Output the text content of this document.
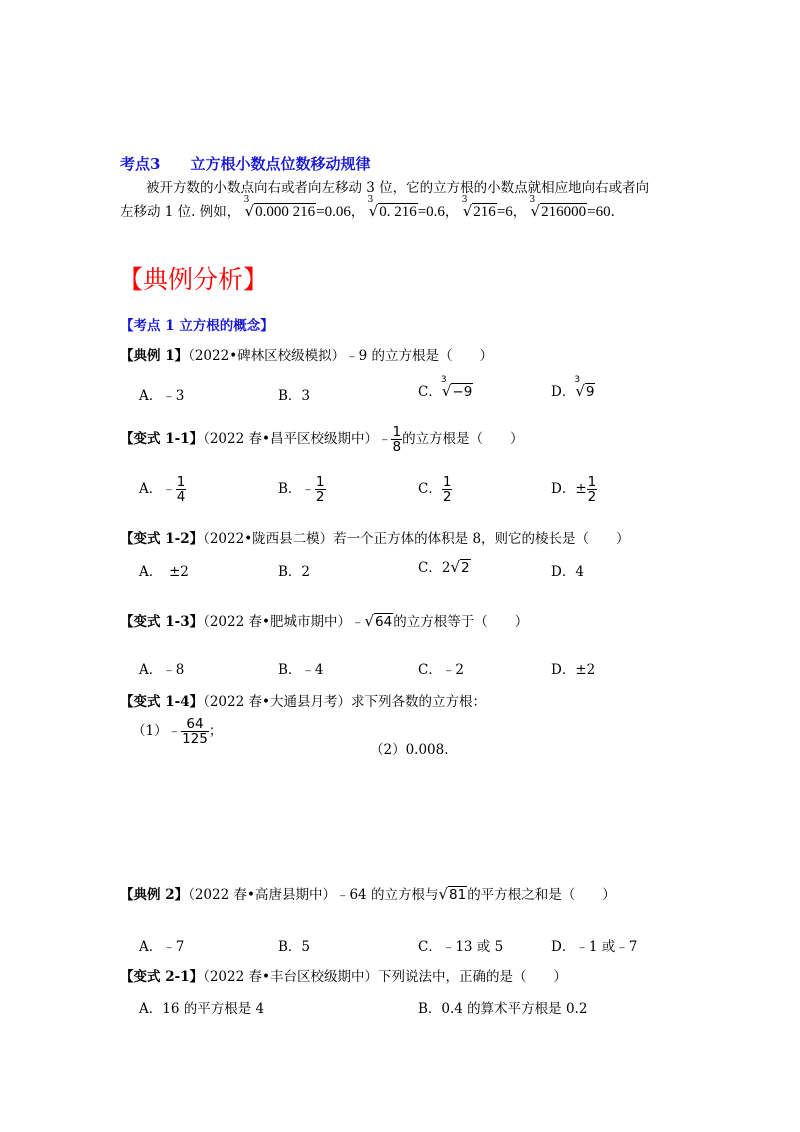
考点3　　立方根小数点位数移动规律
被开方数的小数点向右或者向左移动 3 位，它的立方根的小数点就相应地向右或者向
左移动 1 位. 例如，
3
√0.000 216=0.06，
3
√0. 216=0.6，
3
√216=6，
3
√216000=60.
【典例分析】
【考点 1 立方根的概念】
【典例 1】（2022•碑林区校级模拟）﹣9 的立方根是（　　）
A．﹣3	B．3	C．
3
√−9	D．
3
√9
【变式 1-1】（2022 春•昌平区校级期中）﹣ $\frac{1}{8}$ 的立方根是（　　）
A．﹣ $\frac{1}{4}$	B．﹣ $\frac{1}{2}$	C． $\frac{1}{2}$	D．± $\frac{1}{2}$
【变式 1-2】（2022•陇西县二模）若一个正方体的体积是 8，则它的棱长是（　　）
A．　±2	B．2	C．2√2	D．4
【变式 1-3】（2022 春•肥城市期中）﹣√64的立方根等于（　　）
A．﹣8	B．﹣4	C．﹣2	D．±2
【变式 1-4】（2022 春•大通县月考）求下列各数的立方根：
（1）﹣ $\frac{64}{125}$ ；
（2）0.008.
【典例 2】（2022 春•高唐县期中）﹣64 的立方根与√81的平方根之和是（　　）
A．﹣7	B．5	C．﹣13 或 5	D．﹣1 或﹣7
【变式 2-1】（2022 春•丰台区校级期中）下列说法中，正确的是（　　）
A．16 的平方根是 4	B．0.4 的算术平方根是 0.2
